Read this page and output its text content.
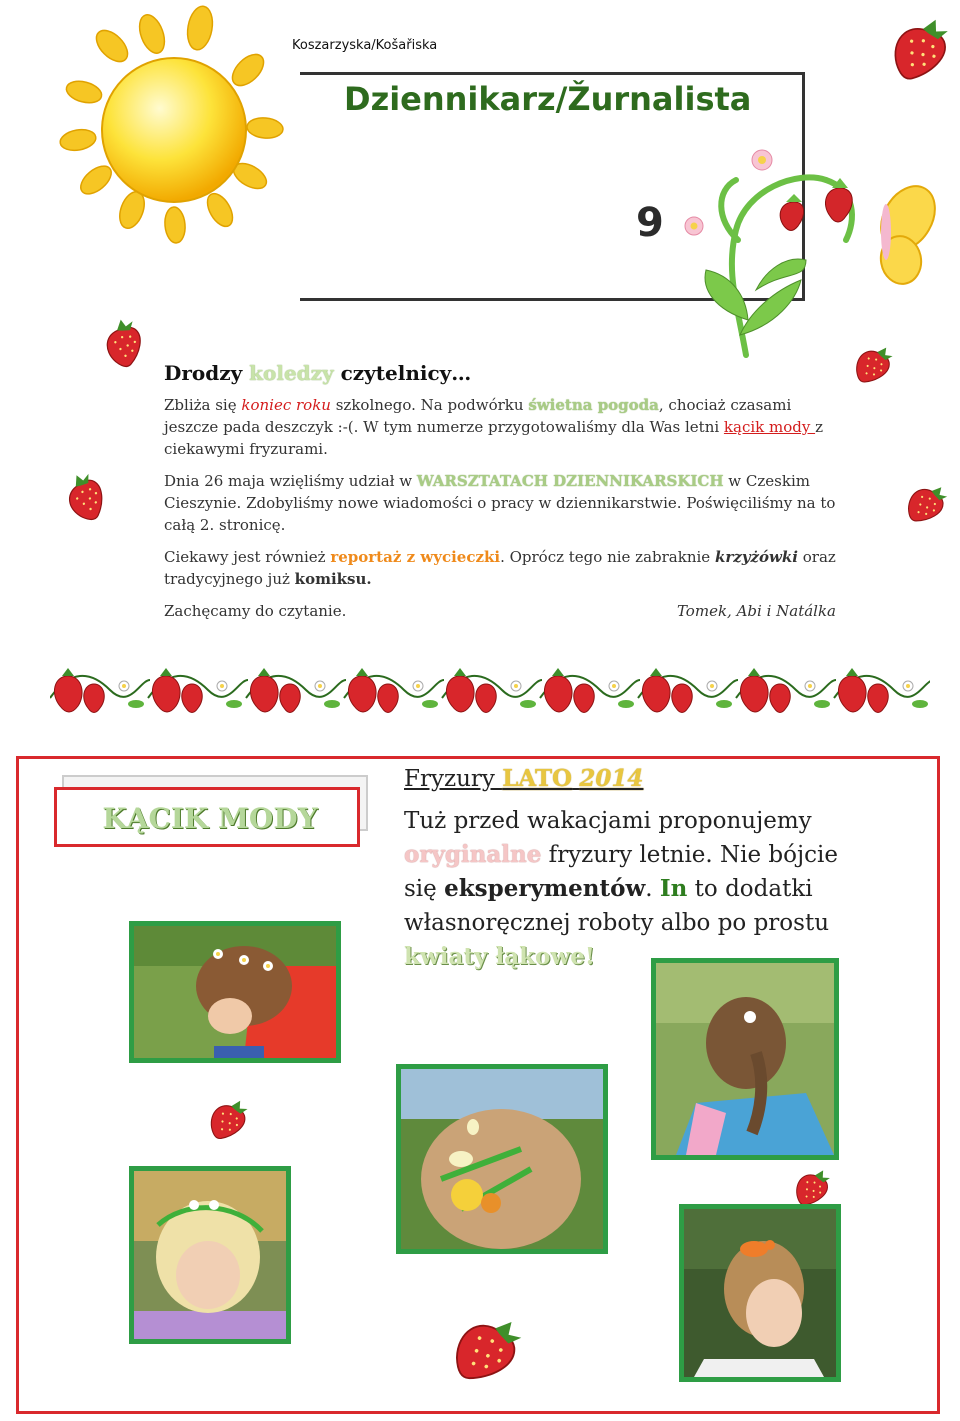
Koszarzyska/Košařiska
Dziennikarz/Žurnalista
9
Drodzy koledzy czytelnicy…

Zbliża się koniec roku szkolnego. Na podwórku świetna pogoda, chociaż czasami jeszcze pada deszczyk :-(. W tym numerze przygotowaliśmy dla Was letni kącik mody z ciekawymi fryzurami.

Dnia 26 maja wzięliśmy udział w WARSZTATACH DZIENNIKARSKICH w Czeskim Cieszynie. Zdobyliśmy nowe wiadomości o pracy w dziennikarstwie. Poświęciliśmy na to całą 2. stronicę.

Ciekawy jest również reportaż z wycieczki. Oprócz tego nie zabraknie krzyżówki oraz tradycyjnego już komiksu.

Zachęcamy do czytanie.	Tomek, Abi i Natálka
KĄCIK MODY
Fryzury LATO 2014
Tuż przed wakacjami proponujemy oryginalne fryzury letnie. Nie bójcie się eksperymentów. In to dodatki własnoręcznej roboty albo po prostu kwiaty łąkowe!
